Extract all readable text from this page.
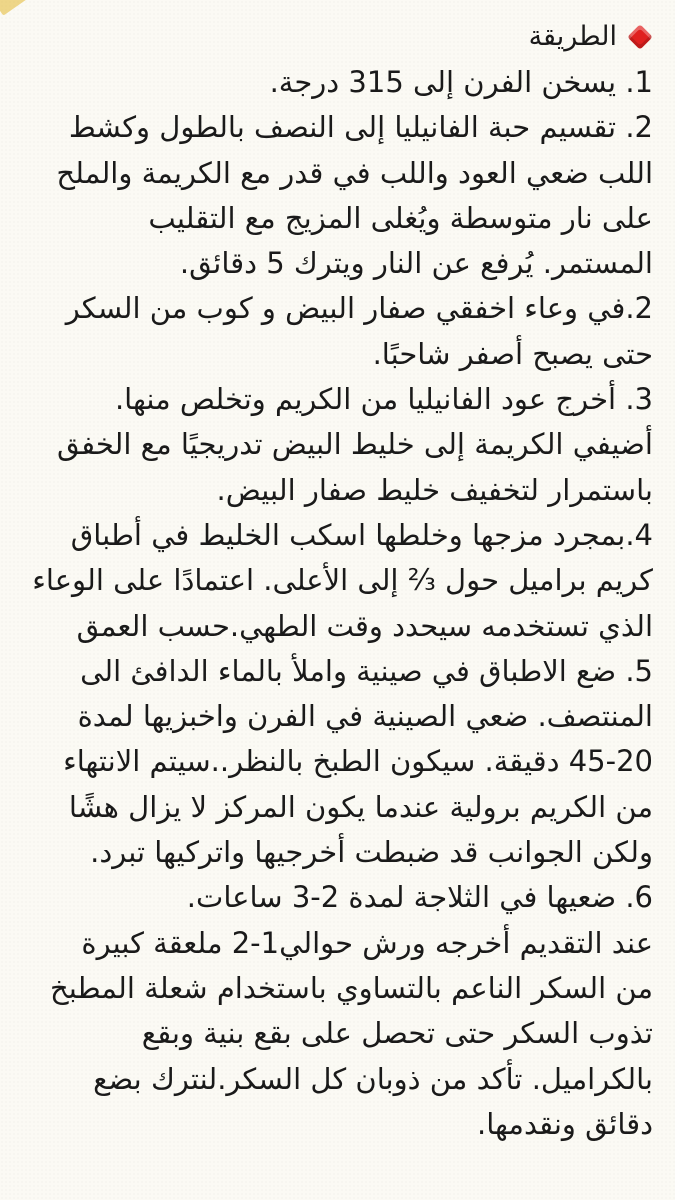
الطريقة
1. يسخن الفرن إلى 315 درجة.
2. تقسيم حبة الفانيليا إلى النصف بالطول وكشط
اللب ضعي العود واللب في قدر مع الكريمة والملح
على نار متوسطة ويُغلى المزيج مع التقليب
المستمر. يُرفع عن النار ويترك 5 دقائق.
2.في وعاء اخفقي صفار البيض و كوب من السكر
حتى يصبح أصفر شاحبًا.
3. أخرج عود الفانيليا من الكريم وتخلص منها.
أضيفي الكريمة إلى خليط البيض تدريجيًا مع الخفق
باستمرار لتخفيف خليط صفار البيض.
4.بمجرد مزجها وخلطها اسكب الخليط في أطباق
كريم براميل حول ⅔ إلى الأعلى. اعتمادًا على الوعاء
الذي تستخدمه سيحدد وقت الطهي.حسب العمق
5. ضع الاطباق في صينية واملأ بالماء الدافئ الى
المنتصف. ضعي الصينية في الفرن واخبزيها لمدة
45-20 دقيقة. سيكون الطبخ بالنظر..سيتم الانتهاء
من الكريم برولية عندما يكون المركز لا يزال هشًا
ولكن الجوانب قد ضبطت أخرجيها واتركيها تبرد.
6. ضعيها في الثلاجة لمدة 2-3 ساعات.
عند التقديم أخرجه ورش حوالي1-2 ملعقة كبيرة
من السكر الناعم بالتساوي باستخدام شعلة المطبخ
تذوب السكر حتى تحصل على بقع بنية وبقع
بالكراميل. تأكد من ذوبان كل السكر.لنترك بضع
دقائق ونقدمها.
